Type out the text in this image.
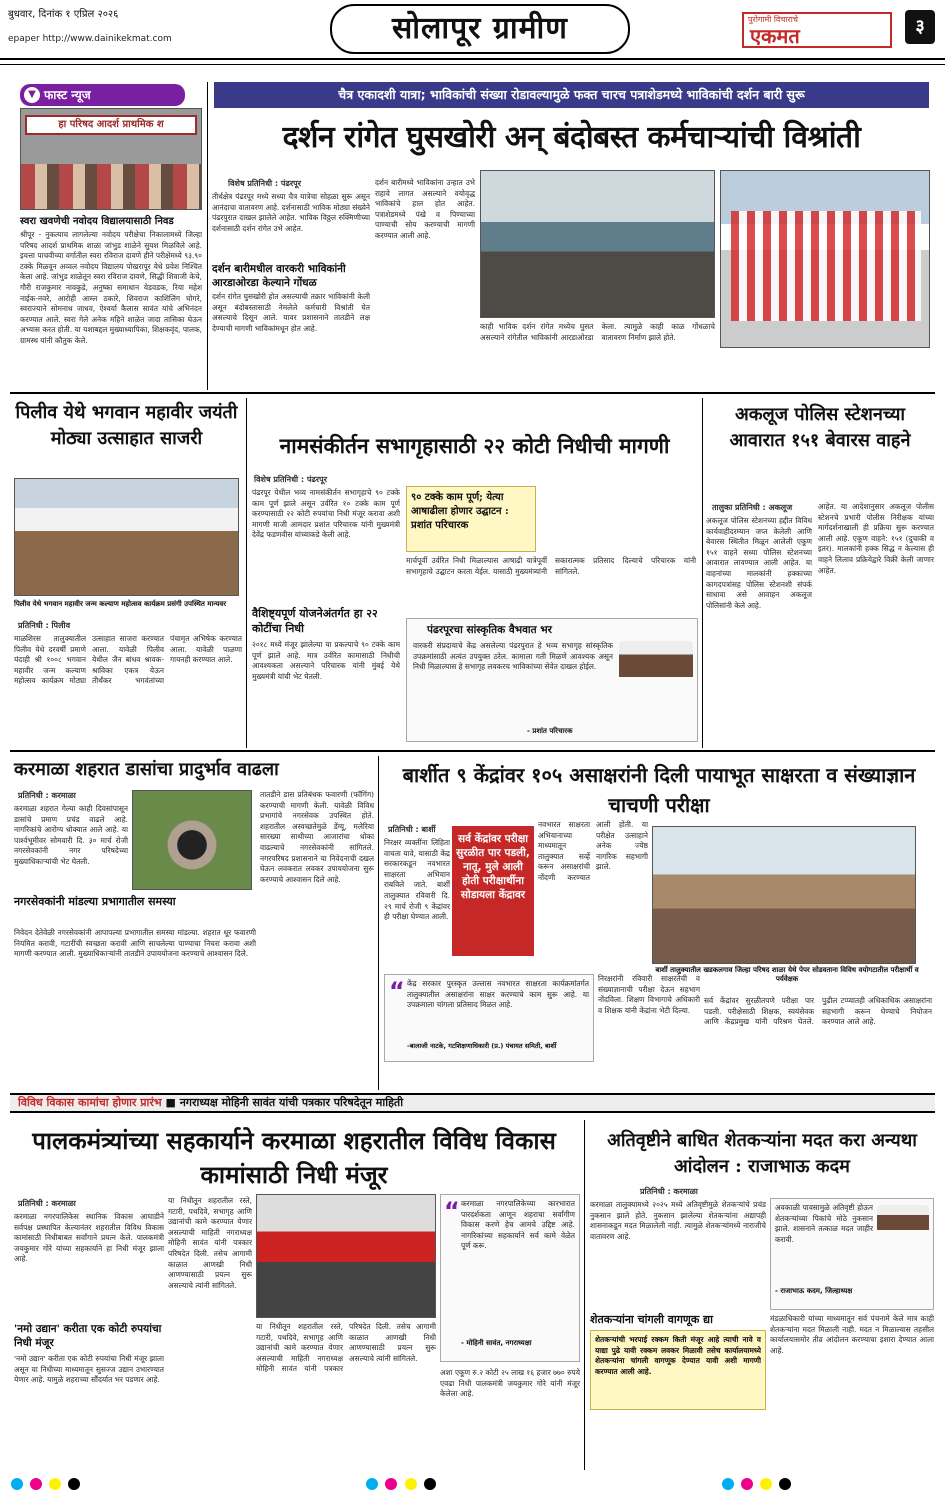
बुधवार, दिनांक १ एप्रिल २०२६
epaper http://www.dainikekmat.com	सोलापूर ग्रामीण	पुरोगामी विचाराचे
एकमत	३
▼ फास्ट न्यूज
हा परिषद आदर्श प्राथमिक श
स्वरा खवणेची नवोदय विद्यालयासाठी निवड
श्रीपूर - नुकत्याच लागलेल्या नवोदय परीक्षेचा निकालामध्ये जिल्हा परिषद आदर्श प्राथमिक शाळा जांभुड शाळेने सुयश मिळविले आहे. इयत्ता पाचवीच्या वर्गातील स्वरा रविराज दावणे हीने परीक्षेमध्ये ९३.९० टक्के मिळवून अव्वल नवोदय विद्यालय पोखरापूर येथे प्रवेश निश्चित केला आहे. जांभुड शाळेतून स्वरा रविराज दावणे, सिद्धी शिवाजी केचे, गौरी राजकुमार नावकुडे, अनुष्का समाधान येडवडक, रिया महेश नाईक-नवरे, आरोही आम्ल ठकारे, शिवराज काशिलिंग घोगरे, स्वराज्याने सोमनाथ जाधव, ऐश्वर्या कैलास सावंत यांचे अभिनंदन करण्यात आले. स्वरा गेले अनेक महिने शाळेत जादा तासिका घेऊन अभ्यास करत होती. या यशाबद्दल मुख्याध्यापिका, शिक्षकवृंद, पालक, ग्रामस्थ यांनी कौतुक केले.
चैत्र एकादशी यात्रा; भाविकांची संख्या रोडावल्यामुळे फक्त चारच पत्राशेडमध्ये भाविकांची दर्शन बारी सुरू
दर्शन रांगेत घुसखोरी अन् बंदोबस्त कर्मचाऱ्यांची विश्रांती
विशेष प्रतिनिधी : पंढरपूर
तीर्थक्षेत्र पंढरपूर मध्ये सध्या चैत्र यात्रेचा सोहळा सुरू असून आनंदाचा वातावरण आहे. दर्शनासाठी भाविक मोठ्या संख्येने पंढरपुरात दाखल झालेले आहेत. भाविक विठ्ठल रुक्मिणीच्या दर्शनासाठी दर्शन रांगेत उभे आहेत.
दर्शन बारीमधील वारकरी भाविकांनी आरडाओरडा केल्याने गोंधळ
दर्शन रांगेत घुसखोरी होत असल्याची तक्रार भाविकांनी केली असून बंदोबस्तासाठी नेमलेले कर्मचारी विश्रांती घेत असल्याचे दिसून आले. यावर प्रशासनाने तातडीने लक्ष देण्याची मागणी भाविकांमधून होत आहे.
दर्शन बारीमध्ये भाविकांना उन्हात उभे राहावे लागत असल्याने वयोवृद्ध भाविकांचे हाल होत आहेत. पत्राशेडमध्ये पंखे व पिण्याच्या पाण्याची सोय करण्याची मागणी करण्यात आली आहे.
काही भाविक दर्शन रांगेत मध्येच घुसत असल्याने रांगेतील भाविकांनी आरडाओरडा केला. त्यामुळे काही काळ गोंधळाचे वातावरण निर्माण झाले होते.
पिलीव येथे भगवान महावीर जयंती मोठ्या उत्साहात साजरी
पिलीव येथे भगवान महावीर जन्म कल्याण महोत्सव कार्यक्रम प्रसंगी उपस्थित मान्यवर
प्रतिनिधी : पिलीव
माळशिरस तालुक्यातील पिलीव येथे दरवर्षी प्रमाणे यंदाही श्री १००८ भगवान महावीर जन्म कल्याण महोत्सव कार्यक्रम मोठ्या उत्साहात साजरा करण्यात आला. यावेळी पिलीव येथील जैन बांधव श्रावक-श्राविका एकत्र येऊन तीर्थंकर भगवंतांच्या पंचामृत अभिषेक करण्यात आला. यावेळी पाळणा गायनही करण्यात आले.
नामसंकीर्तन सभागृहासाठी २२ कोटी निधीची मागणी
विशेष प्रतिनिधी : पंढरपूर
पंढरपूर येथील भव्य नामसंकीर्तन सभागृहाचे ९० टक्के काम पूर्ण झाले असून उर्वरित १० टक्के काम पूर्ण करण्यासाठी २२ कोटी रुपयांचा निधी मंजूर करावा अशी मागणी माजी आमदार प्रशांत परिचारक यांनी मुख्यमंत्री देवेंद्र फडणवीस यांच्याकडे केली आहे.
वैशिष्ट्यपूर्ण योजनेअंतर्गत हा २२ कोटींचा निधी
२०१८ मध्ये मंजूर झालेल्या या प्रकल्पाचे ९० टक्के काम पूर्ण झाले आहे. मात्र उर्वरित कामासाठी निधीची आवश्यकता असल्याने परिचारक यांनी मुंबई येथे मुख्यमंत्री यांची भेट घेतली.
९० टक्के काम पूर्ण; येत्या आषाढीला होणार उद्घाटन : प्रशांत परिचारक
मार्चपूर्वी उर्वरित निधी मिळाल्यास आषाढी यात्रेपूर्वी सभागृहाचे उद्घाटन करता येईल. यासाठी मुख्यमंत्र्यांनी सकारात्मक प्रतिसाद दिल्याचे परिचारक यांनी सांगितले.
पंढरपूरचा सांस्कृतिक वैभवात भर
वारकरी संप्रदायाचे केंद्र असलेल्या पंढरपुरात हे भव्य सभागृह सांस्कृतिक उपक्रमांसाठी अत्यंत उपयुक्त ठरेल. कामाला गती मिळणे आवश्यक असून निधी मिळाल्यास हे सभागृह लवकरच भाविकांच्या सेवेत दाखल होईल.
- प्रशांत परिचारक
अकलूज पोलिस स्टेशनच्या आवारात १५१ बेवारस वाहने
तालुका प्रतिनिधी : अकलूज
अकलूज पोलिस स्टेशनच्या हद्दीत विविध कार्यवाहीदरम्यान जप्त केलेली आणि बेवारस स्थितीत मिळून आलेली एकूण १५१ वाहने सध्या पोलिस स्टेशनच्या आवारात लावण्यात आली आहेत. या वाहनांच्या मालकांनी हक्काच्या कागदपत्रांसह पोलिस स्टेशनशी संपर्क साधावा असे आवाहन अकलूज पोलिसांनी केले आहे.
आहेत. या आदेशानुसार अकलूज पोलीस स्टेशनचे प्रभारी पोलीस निरीक्षक यांच्या मार्गदर्शनाखाली ही प्रक्रिया सुरू करण्यात आली आहे. एकूण वाहने: १५१ (दुचाकी व इतर). मालकांनी हक्क सिद्ध न केल्यास ही वाहने लिलाव प्रक्रियेद्वारे विक्री केली जाणार आहेत.
करमाळा शहरात डासांचा प्रादुर्भाव वाढला
प्रतिनिधी : करमाळा
करमाळा शहरात गेल्या काही दिवसांपासून डासांचे प्रमाण प्रचंड वाढले आहे. नागरिकांचे आरोग्य धोक्यात आले आहे. या पार्श्वभूमीवर सोमवारी दि. ३० मार्च रोजी नगरसेवकांनी नगर परिषदेच्या मुख्याधिकाऱ्यांची भेट घेतली.
नगरसेवकांनी मांडल्या प्रभागातील समस्या
निवेदन देतेवेळी नगरसेवकांनी आपापल्या प्रभागातील समस्या मांडल्या. शहरात धूर फवारणी नियमित करावी, गटारींची स्वच्छता करावी आणि साचलेल्या पाण्याचा निचरा करावा अशी मागणी करण्यात आली. मुख्याधिकाऱ्यांनी तातडीने उपाययोजना करण्याचे आश्वासन दिले.
तातडीने डास प्रतिबंधक फवारणी (फॉगिंग) करण्याची मागणी केली. यावेळी विविध प्रभागांचे नगरसेवक उपस्थित होते. शहरातील अस्वच्छतेमुळे डेंग्यू, मलेरिया सारख्या साथीच्या आजारांचा धोका वाढल्याचे नगरसेवकांनी सांगितले. नगरपरिषद प्रशासनाने या निवेदनाची दखल घेऊन लवकरात लवकर उपाययोजना सुरू करण्याचे आश्वासन दिले आहे.
बार्शीत ९ केंद्रांवर १०५ असाक्षरांनी दिली पायाभूत साक्षरता व संख्याज्ञान चाचणी परीक्षा
प्रतिनिधी : बार्शी
निरक्षर व्यक्तींना लिहिता वाचता यावे, यासाठी केंद्र सरकारकडून नवभारत साक्षरता अभियान राबविले जाते. बार्शी तालुक्यात रविवारी दि. २९ मार्च रोजी ९ केंद्रांवर ही परीक्षा घेण्यात आली.
सर्व केंद्रांवर परीक्षा सुरळीत पार पडली, नातू, मुले आली होती परीक्षार्थीना सोडायला केंद्रावर
नवभारत साक्षरता अभियानाच्या माध्यमातून तालुक्यात सर्व्हे करून असाक्षरांची नोंदणी करण्यात आली होती. या परीक्षेत उत्साहाने अनेक ज्येष्ठ नागरिक सहभागी झाले.
बार्शी तालुक्यातील खडकलगाव जिल्हा परिषद शाळा येथे पेपर सोडवताना विविध वयोगटातील परीक्षार्थी व पर्यवेक्षक
“ केंद्र सरकार पुरस्कृत उल्लास नवभारत साक्षरता कार्यक्रमांतर्गत तालुक्यातील असाक्षरांना साक्षर करण्याचे काम सुरू आहे. या उपक्रमाला चांगला प्रतिसाद मिळत आहे.
-बालाजी नाटके, गटशिक्षणाधिकारी (प्र.) पंचायत समिती, बार्शी
निरक्षरांनी रविवारी साक्षरतेची व संख्याज्ञानाची परीक्षा देऊन सहभाग नोंदविला. शिक्षण विभागाचे अधिकारी व शिक्षक यांनी केंद्रांना भेटी दिल्या.
सर्व केंद्रांवर सुरळीतपणे परीक्षा पार पडली. परीक्षेसाठी शिक्षक, स्वयंसेवक आणि केंद्रप्रमुख यांनी परिश्रम घेतले. पुढील टप्प्यातही अधिकाधिक असाक्षरांना सहभागी करून घेण्याचे नियोजन करण्यात आले आहे.
विविध विकास कामांचा होणार प्रारंभ ■ नगराध्यक्ष मोहिनी सावंत यांची पत्रकार परिषदेतून माहिती
पालकमंत्र्यांच्या सहकार्याने करमाळा शहरातील विविध विकास कामांसाठी निधी मंजूर
प्रतिनिधी : करमाळा
करमाळा नगरपालिकेस स्थानिक विकास आघाडीने सर्वपक्ष प्रस्थापित केल्यानंतर शहरातील विविध विकास कामांसाठी निधीबाबत सर्वांगाने प्रयत्न केले. पालकमंत्री जयकुमार गोरे यांच्या सहकार्याने हा निधी मंजूर झाला आहे.
'नमो उद्यान' करीता एक कोटी रुपयांचा निधी मंजूर
'नमो उद्यान' करीता एक कोटी रुपयांचा निधी मंजूर झाला असून या निधीच्या माध्यमातून सुसज्ज उद्यान उभारण्यात येणार आहे. यामुळे शहराच्या सौंदर्यात भर पडणार आहे.
या निधीतून शहरातील रस्ते, गटारी, पथदिवे, सभागृह आणि उद्यानांची कामे करण्यात येणार असल्याची माहिती नगराध्यक्ष मोहिनी सावंत यांनी पत्रकार परिषदेत दिली. तसेच आगामी काळात आणखी निधी आणण्यासाठी प्रयत्न सुरू असल्याचे त्यांनी सांगितले.
“ करमाळा नगरपालिकेच्या कारभारात पारदर्शकता आणून शहराचा सर्वांगीण विकास करणे हेच आमचे उद्दिष्ट आहे. नागरिकांच्या सहकार्याने सर्व कामे वेळेत पूर्ण करू.
- मोहिनी सावंत, नगराध्यक्षा
या निधीतून शहरातील रस्ते, गटारी, पथदिवे, सभागृह आणि उद्यानांची कामे करण्यात येणार असल्याची माहिती नगराध्यक्ष मोहिनी सावंत यांनी पत्रकार परिषदेत दिली. तसेच आगामी काळात आणखी निधी आणण्यासाठी प्रयत्न सुरू असल्याचे त्यांनी सांगितले.
अशा एकूण रु.२ कोटी २५ लाख १६ हजार ७७० रुपये एवढा निधी पालकमंत्री जयकुमार गोरे यांनी मंजूर केलेला आहे.
अतिवृष्टीने बाधित शेतकऱ्यांना मदत करा अन्यथा आंदोलन : राजाभाऊ कदम
प्रतिनिधी : करमाळा
करमाळा तालुक्यामध्ये २०२५ मध्ये अतिवृष्टीमुळे शेतकऱ्यांचे प्रचंड नुकसान झाले होते. नुकसान झालेल्या शेतकऱ्यांना अद्यापही शासनाकडून मदत मिळालेली नाही. त्यामुळे शेतकऱ्यांमध्ये नाराजीचे वातावरण आहे.
अवकाळी पावसामुळे अतिवृष्टी होऊन शेतकऱ्यांच्या पिकांचे मोठे नुकसान झाले. शासनाने तत्काळ मदत जाहीर करावी.
- राजाभाऊ कदम, जिल्हाध्यक्ष
शेतकऱ्यांना चांगली वागणूक द्या
शेतकऱ्यांची भरपाई रक्कम किती मंजूर आहे त्याची नावे व याद्या पुढे यावी रक्कम लवकर मिळावी तसेच कार्यालयामध्ये शेतकऱ्यांना चांगली वागणूक देण्यात यावी अशी मागणी करण्यात आली आहे.
मंडळाधिकारी यांच्या माध्यमातून सर्व पंचनामे केले मात्र काही शेतकऱ्यांना मदत मिळाली नाही. मदत न मिळाल्यास तहसील कार्यालयासमोर तीव्र आंदोलन करण्याचा इशारा देण्यात आला आहे.
